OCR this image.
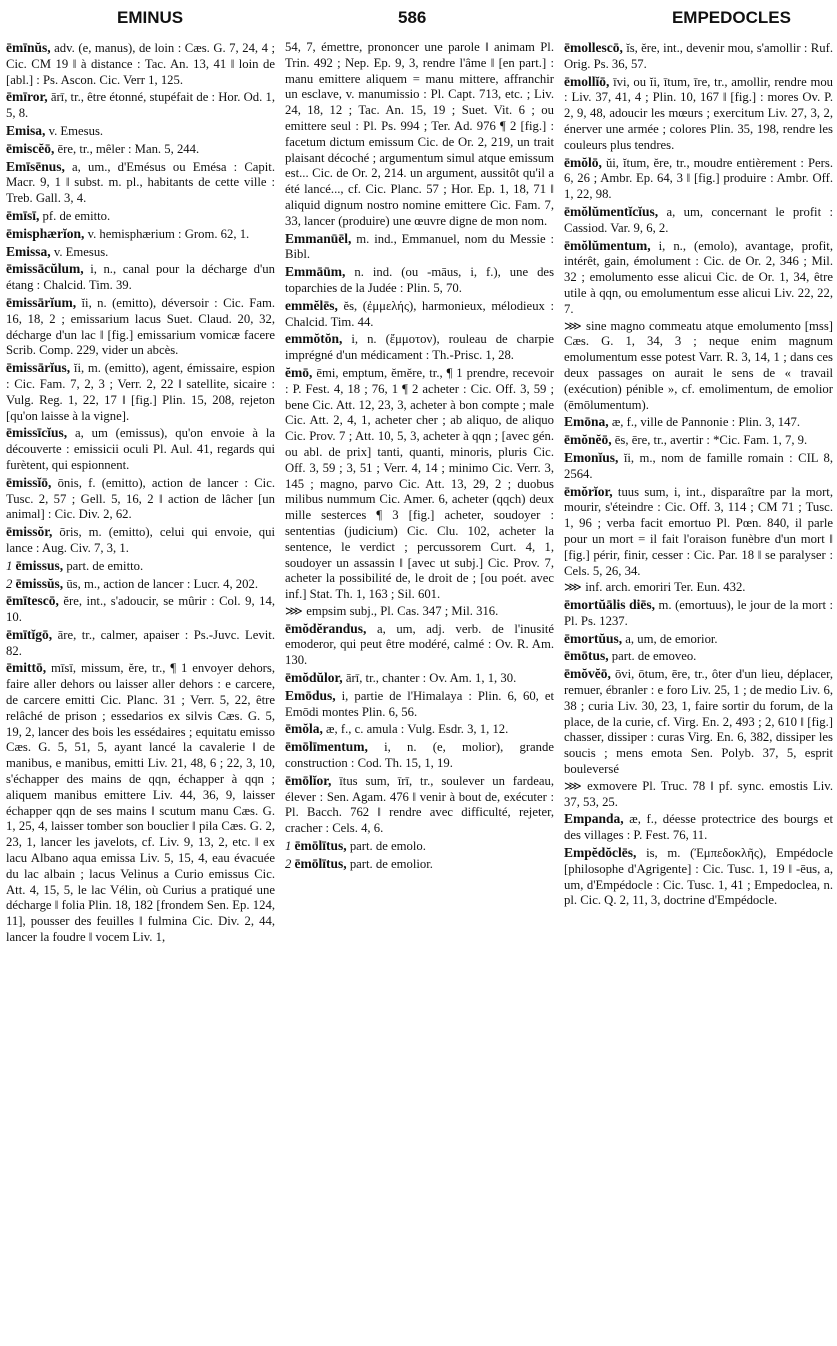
EMINUS	586	EMPEDOCLES

ēmīnŭs, adv. (e, manus), de loin : Cæs. G. 7, 24, 4 ; Cic. CM 19 ‖ à distance : Tac. An. 13, 41 ‖ loin de [abl.] : Ps. Ascon. Cic. Verr 1, 125.

ēmīror, ārī, tr., être étonné, stupéfait de : Hor. Od. 1, 5, 8.

Emisa, v. Emesus.

ēmiscĕō, ēre, tr., mêler : Man. 5, 244.

Emīsēnus, a, um., d'Emésus ou Emésa : Capit. Macr. 9, 1 ‖ subst. m. pl., habitants de cette ville : Treb. Gall. 3, 4.

ēmīsī, pf. de emitto.

ēmisphærĭon, v. hemisphærium : Grom. 62, 1.

Emissa, v. Emesus.

ēmissācŭlum, i, n., canal pour la décharge d'un étang : Chalcid. Tim. 39.

ēmissārĭum, ĭi, n. (emitto), déversoir : Cic. Fam. 16, 18, 2 ; emissarium lacus Suet. Claud. 20, 32, décharge d'un lac ‖ [fig.] emissarium vomicæ facere Scrib. Comp. 229, vider un abcès.

ēmissārĭus, ĭi, m. (emitto), agent, émissaire, espion : Cic. Fam. 7, 2, 3 ; Verr. 2, 22 ‖ satellite, sicaire : Vulg. Reg. 1, 22, 17 ‖ [fig.] Plin. 15, 208, rejeton [qu'on laisse à la vigne].

ēmissīcĭus, a, um (emissus), qu'on envoie à la découverte : emissicii oculi Pl. Aul. 41, regards qui furètent, qui espionnent.

ēmissĭō, ōnis, f. (emitto), action de lancer : Cic. Tusc. 2, 57 ; Gell. 5, 16, 2 ‖ action de lâcher [un animal] : Cic. Div. 2, 62.

ēmissŏr, ōris, m. (emitto), celui qui envoie, qui lance : Aug. Civ. 7, 3, 1.

1 ēmissus, part. de emitto.

2 ēmissŭs, ūs, m., action de lancer : Lucr. 4, 202.

ēmītescō, ĕre, int., s'adoucir, se mûrir : Col. 9, 14, 10.

ēmītĭgō, āre, tr., calmer, apaiser : Ps.-Juvc. Levit. 82.

ēmittō, mīsī, missum, ĕre, tr., ¶ 1 envoyer dehors, faire aller dehors ou laisser aller dehors : e carcere, de carcere emitti Cic. Planc. 31 ; Verr. 5, 22, être relâché de prison ; essedarios ex silvis Cæs. G. 5, 19, 2, lancer des bois les essédaires ; equitatu emisso Cæs. G. 5, 51, 5, ayant lancé la cavalerie ‖ de manibus, e manibus, emitti Liv. 21, 48, 6 ; 22, 3, 10, s'échapper des mains de qqn, échapper à qqn ; aliquem manibus emittere Liv. 44, 36, 9, laisser échapper qqn de ses mains ‖ scutum manu Cæs. G. 1, 25, 4, laisser tomber son bouclier ‖ pila Cæs. G. 2, 23, 1, lancer les javelots, cf. Liv. 9, 13, 2, etc. ‖ ex lacu Albano aqua emissa Liv. 5, 15, 4, eau évacuée du lac albain ; lacus Velinus a Curio emissus Cic. Att. 4, 15, 5, le lac Vélin, où Curius a pratiqué une décharge ‖ folia Plin. 18, 182 [frondem Sen. Ep. 124, 11], pousser des feuilles ‖ fulmina Cic. Div. 2, 44, lancer la foudre ‖ vocem Liv. 1,

54, 7, émettre, prononcer une parole ‖ animam Pl. Trin. 492 ; Nep. Ep. 9, 3, rendre l'âme ‖ [en part.] : manu emittere aliquem = manu mittere, affranchir un esclave, v. manumissio : Pl. Capt. 713, etc. ; Liv. 24, 18, 12 ; Tac. An. 15, 19 ; Suet. Vit. 6 ; ou emittere seul : Pl. Ps. 994 ; Ter. Ad. 976 ¶ 2 [fig.] : facetum dictum emissum Cic. de Or. 2, 219, un trait plaisant décoché ; argumentum simul atque emissum est... Cic. de Or. 2, 214. un argument, aussitôt qu'il a été lancé..., cf. Cic. Planc. 57 ; Hor. Ep. 1, 18, 71 ‖ aliquid dignum nostro nomine emittere Cic. Fam. 7, 33, lancer (produire) une œuvre digne de mon nom.

Emmanūēl, m. ind., Emmanuel, nom du Messie : Bibl.

Emmāūm, n. ind. (ou -māus, i, f.), une des toparchies de la Judée : Plin. 5, 70.

emmĕlēs, ĕs, (ἐμμελής), harmonieux, mélodieux : Chalcid. Tim. 44.

emmŏtŏn, i, n. (ἔμμοτον), rouleau de charpie imprégné d'un médicament : Th.-Prisc. 1, 28.

ĕmō, ēmi, emptum, ĕmĕre, tr., ¶ 1 prendre, recevoir : P. Fest. 4, 18 ; 76, 1 ¶ 2 acheter : Cic. Off. 3, 59 ; bene Cic. Att. 12, 23, 3, acheter à bon compte ; male Cic. Att. 2, 4, 1, acheter cher ; ab aliquo, de aliquo Cic. Prov. 7 ; Att. 10, 5, 3, acheter à qqn ; [avec gén. ou abl. de prix] tanti, quanti, minoris, pluris Cic. Off. 3, 59 ; 3, 51 ; Verr. 4, 14 ; minimo Cic. Verr. 3, 145 ; magno, parvo Cic. Att. 13, 29, 2 ; duobus milibus nummum Cic. Amer. 6, acheter (qqch) deux mille sesterces ¶ 3 [fig.] acheter, soudoyer : sententias (judicium) Cic. Clu. 102, acheter la sentence, le verdict ; percussorem Curt. 4, 1, soudoyer un assassin ‖ [avec ut subj.] Cic. Prov. 7, acheter la possibilité de, le droit de ; [ou poét. avec inf.] Stat. Th. 1, 163 ; Sil. 601.

⋙ empsim subj., Pl. Cas. 347 ; Mil. 316.

ēmŏdĕrandus, a, um, adj. verb. de l'inusité emoderor, qui peut être modéré, calmé : Ov. R. Am. 130.

ēmŏdŭlor, ārī, tr., chanter : Ov. Am. 1, 1, 30.

Emōdus, i, partie de l'Himalaya : Plin. 6, 60, et Emōdi montes Plin. 6, 56.

ēmŏla, æ, f., c. amula : Vulg. Esdr. 3, 1, 12.

ēmōlīmentum, i, n. (e, molior), grande construction : Cod. Th. 15, 1, 19.

ēmōlĭor, ītus sum, īrī, tr., soulever un fardeau, élever : Sen. Agam. 476 ‖ venir à bout de, exécuter : Pl. Bacch. 762 ‖ rendre avec difficulté, rejeter, cracher : Cels. 4, 6.

1 ēmōlītus, part. de emolo.

2 ēmōlītus, part. de emolior.

ēmollescō, ĭs, ĕre, int., devenir mou, s'amollir : Ruf. Orig. Ps. 36, 57.

ēmollĭō, īvi, ou ĭi, ītum, īre, tr., amollir, rendre mou : Liv. 37, 41, 4 ; Plin. 10, 167 ‖ [fig.] : mores Ov. P. 2, 9, 48, adoucir les mœurs ; exercitum Liv. 27, 3, 2, énerver une armée ; colores Plin. 35, 198, rendre les couleurs plus tendres.

ēmŏlō, ŭi, ĭtum, ĕre, tr., moudre entièrement : Pers. 6, 26 ; Ambr. Ep. 64, 3 ‖ [fig.] produire : Ambr. Off. 1, 22, 98.

ēmŏlŭmentĭcĭus, a, um, concernant le profit : Cassiod. Var. 9, 6, 2.

ēmŏlŭmentum, i, n., (emolo), avantage, profit, intérêt, gain, émolument : Cic. de Or. 2, 346 ; Mil. 32 ; emolumento esse alicui Cic. de Or. 1, 34, être utile à qqn, ou emolumentum esse alicui Liv. 22, 22, 7.

⋙ sine magno commeatu atque emolumento [mss] Cæs. G. 1, 34, 3 ; neque enim magnum emolumentum esse potest Varr. R. 3, 14, 1 ; dans ces deux passages on aurait le sens de « travail (exécution) pénible », cf. emolimentum, de emolior (ēmōlumentum).

Emōna, æ, f., ville de Pannonie : Plin. 3, 147.

ēmŏnĕō, ēs, ēre, tr., avertir : *Cic. Fam. 1, 7, 9.

Emonĭus, ĭi, m., nom de famille romain : CIL 8, 2564.

ēmŏrĭor, tuus sum, i, int., disparaître par la mort, mourir, s'éteindre : Cic. Off. 3, 114 ; CM 71 ; Tusc. 1, 96 ; verba facit emortuo Pl. Pœn. 840, il parle pour un mort = il fait l'oraison funèbre d'un mort ‖ [fig.] périr, finir, cesser : Cic. Par. 18 ‖ se paralyser : Cels. 5, 26, 34.

⋙ inf. arch. emoriri Ter. Eun. 432.

ēmortŭālis diēs, m. (emortuus), le jour de la mort : Pl. Ps. 1237.

ēmortŭus, a, um, de emorior.

ēmōtus, part. de emoveo.

ēmŏvĕō, ōvi, ōtum, ēre, tr., ôter d'un lieu, déplacer, remuer, ébranler : e foro Liv. 25, 1 ; de medio Liv. 6, 38 ; curia Liv. 30, 23, 1, faire sortir du forum, de la place, de la curie, cf. Virg. En. 2, 493 ; 2, 610 ‖ [fig.] chasser, dissiper : curas Virg. En. 6, 382, dissiper les soucis ; mens emota Sen. Polyb. 37, 5, esprit bouleversé

⋙ exmovere Pl. Truc. 78 ‖ pf. sync. emostis Liv. 37, 53, 25.

Empanda, æ, f., déesse protectrice des bourgs et des villages : P. Fest. 76, 11.

Empĕdŏclēs, is, m. (Ἐμπεδοκλῆς), Empédocle [philosophe d'Agrigente] : Cic. Tusc. 1, 19 ‖ -ēus, a, um, d'Empédocle : Cic. Tusc. 1, 41 ; Empedoclea, n. pl. Cic. Q. 2, 11, 3, doctrine d'Empédocle.
